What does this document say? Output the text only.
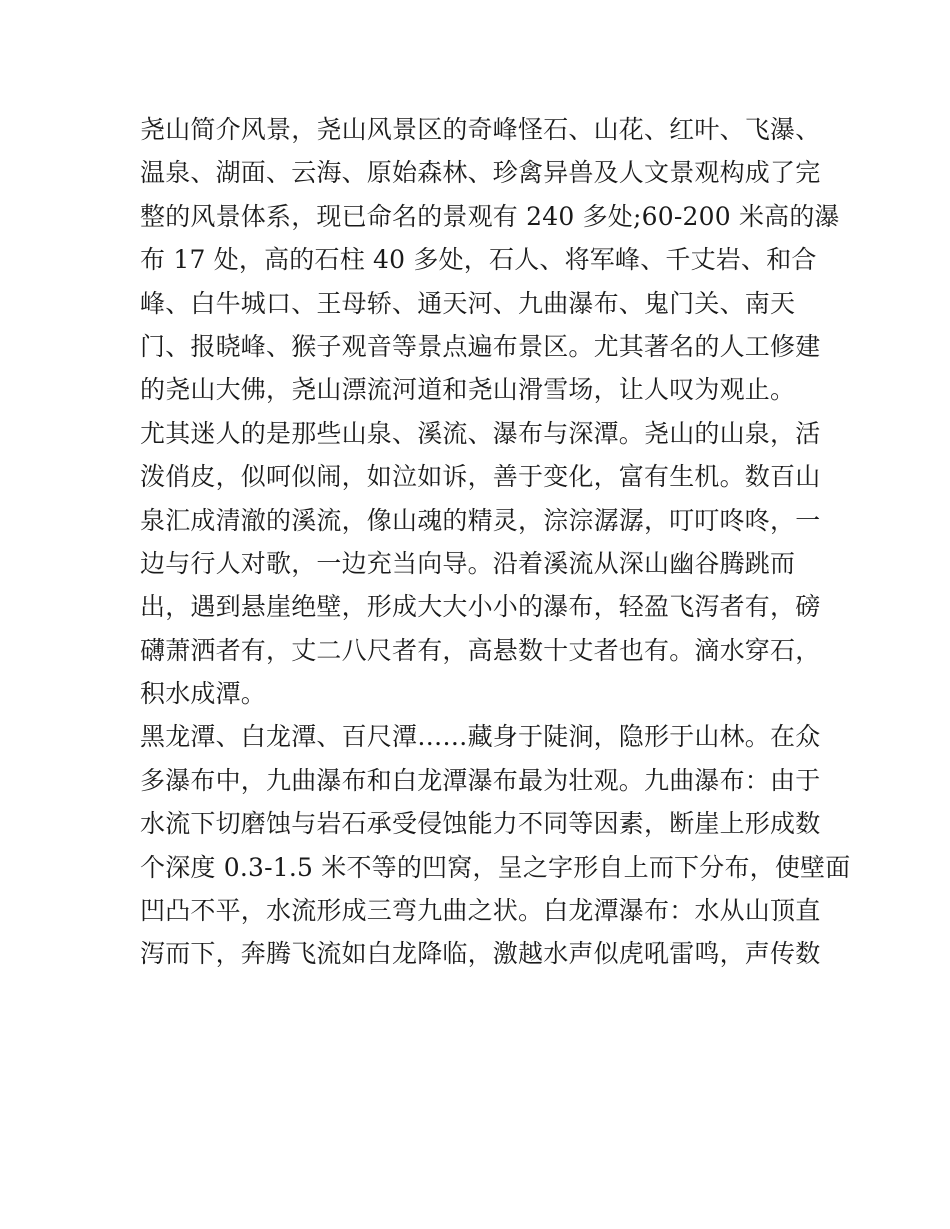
尧山简介风景，尧山风景区的奇峰怪石、山花、红叶、飞瀑、
温泉、湖面、云海、原始森林、珍禽异兽及人文景观构成了完
整的风景体系，现已命名的景观有 240 多处;60-200 米高的瀑
布 17 处，高的石柱 40 多处，石人、将军峰、千丈岩、和合
峰、白牛城口、王母轿、通天河、九曲瀑布、鬼门关、南天
门、报晓峰、猴子观音等景点遍布景区。尤其著名的人工修建
的尧山大佛，尧山漂流河道和尧山滑雪场，让人叹为观止。
尤其迷人的是那些山泉、溪流、瀑布与深潭。尧山的山泉，活
泼俏皮，似呵似闹，如泣如诉，善于变化，富有生机。数百山
泉汇成清澈的溪流，像山魂的精灵，淙淙潺潺，叮叮咚咚，一
边与行人对歌，一边充当向导。沿着溪流从深山幽谷腾跳而
出，遇到悬崖绝壁，形成大大小小的瀑布，轻盈飞泻者有，磅
礴萧洒者有，丈二八尺者有，高悬数十丈者也有。滴水穿石，
积水成潭。
黑龙潭、白龙潭、百尺潭……藏身于陡涧，隐形于山林。在众
多瀑布中，九曲瀑布和白龙潭瀑布最为壮观。九曲瀑布：由于
水流下切磨蚀与岩石承受侵蚀能力不同等因素，断崖上形成数
个深度 0.3-1.5 米不等的凹窝，呈之字形自上而下分布，使壁面
凹凸不平，水流形成三弯九曲之状。白龙潭瀑布：水从山顶直
泻而下，奔腾飞流如白龙降临，激越水声似虎吼雷鸣，声传数
